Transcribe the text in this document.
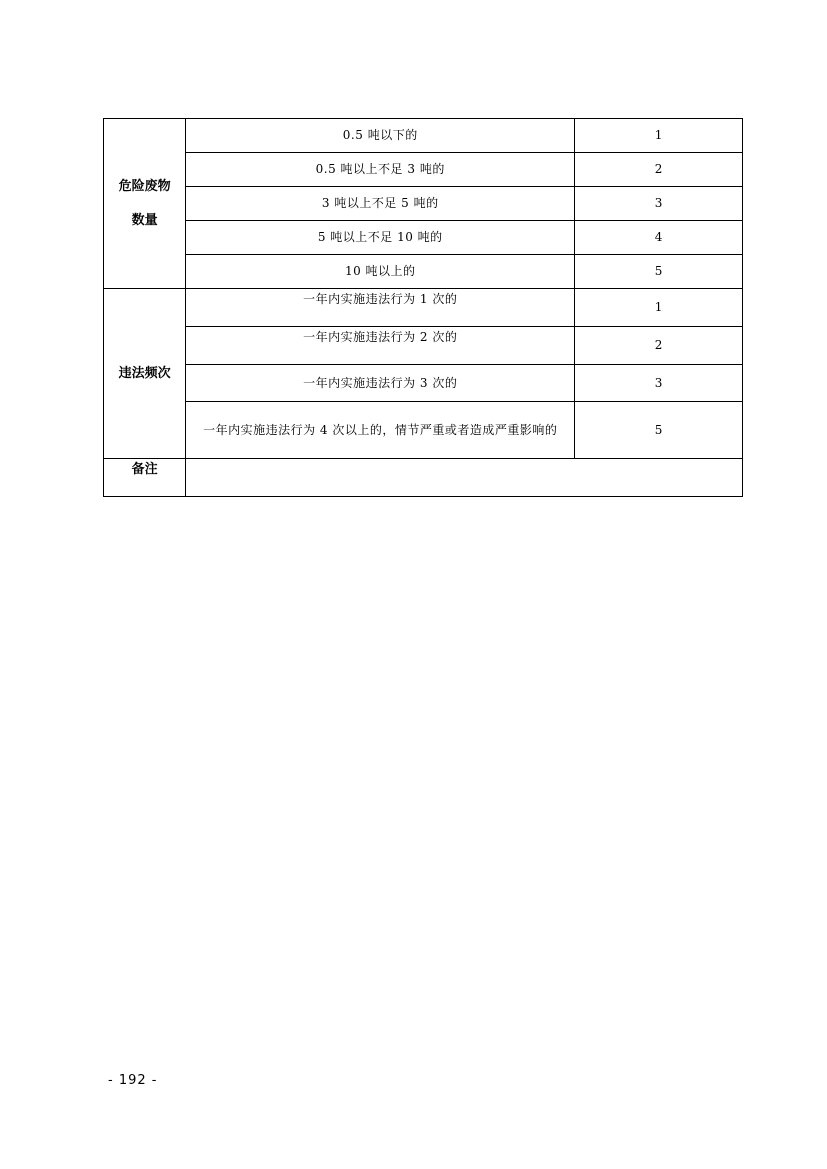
危险废物
数量	0.5 吨以下的	1
	0.5 吨以上不足 3 吨的	2
	3 吨以上不足 5 吨的	3
	5 吨以上不足 10 吨的	4
	10 吨以上的	5

违法频次	一年内实施违法行为 1 次的	1
	一年内实施违法行为 2 次的	2
	一年内实施违法行为 3 次的	3
	一年内实施违法行为 4 次以上的，情节严重或者造成严重影响的	5
备注		
- 192 -
